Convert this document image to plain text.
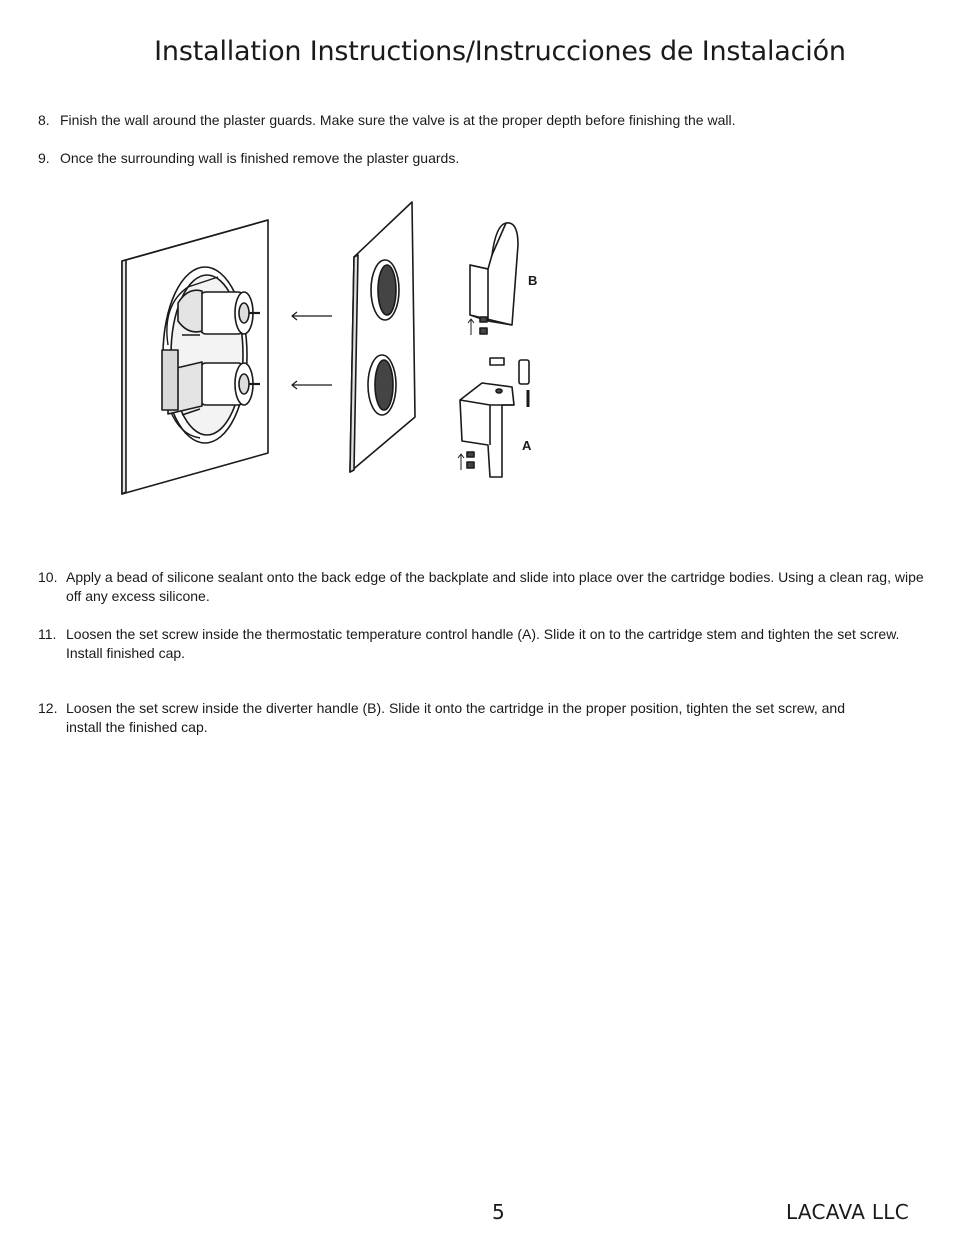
Installation Instructions/Instrucciones de Instalación
8. Finish the wall around the plaster guards. Make sure the valve is at the proper depth before finishing the wall.
9. Once the surrounding wall is finished remove the plaster guards.
B
A
10. Apply a bead of silicone sealant onto the back edge of the backplate and slide into place over the cartridge bodies. Using a clean rag, wipe off any excess silicone.
11. Loosen the set screw inside the thermostatic temperature control handle (A). Slide it on to the cartridge stem and tighten the set screw. Install finished cap.
12. Loosen the set screw inside the diverter handle (B). Slide it onto the cartridge in the proper position, tighten the set screw, and install the finished cap.
5	LACAVA LLC
